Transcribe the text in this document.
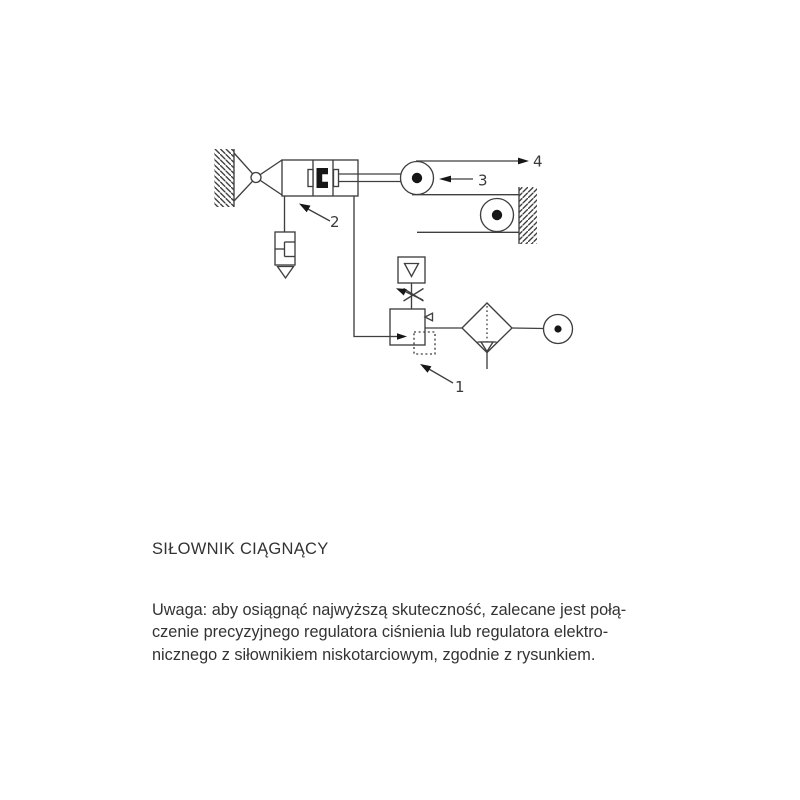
4
3
2
1
SIŁOWNIK CIĄGNĄCY
Uwaga: aby osiągnąć najwyższą skuteczność, zalecane jest połą-
czenie precyzyjnego regulatora ciśnienia lub regulatora elektro-
nicznego z siłownikiem niskotarciowym, zgodnie z rysunkiem.
